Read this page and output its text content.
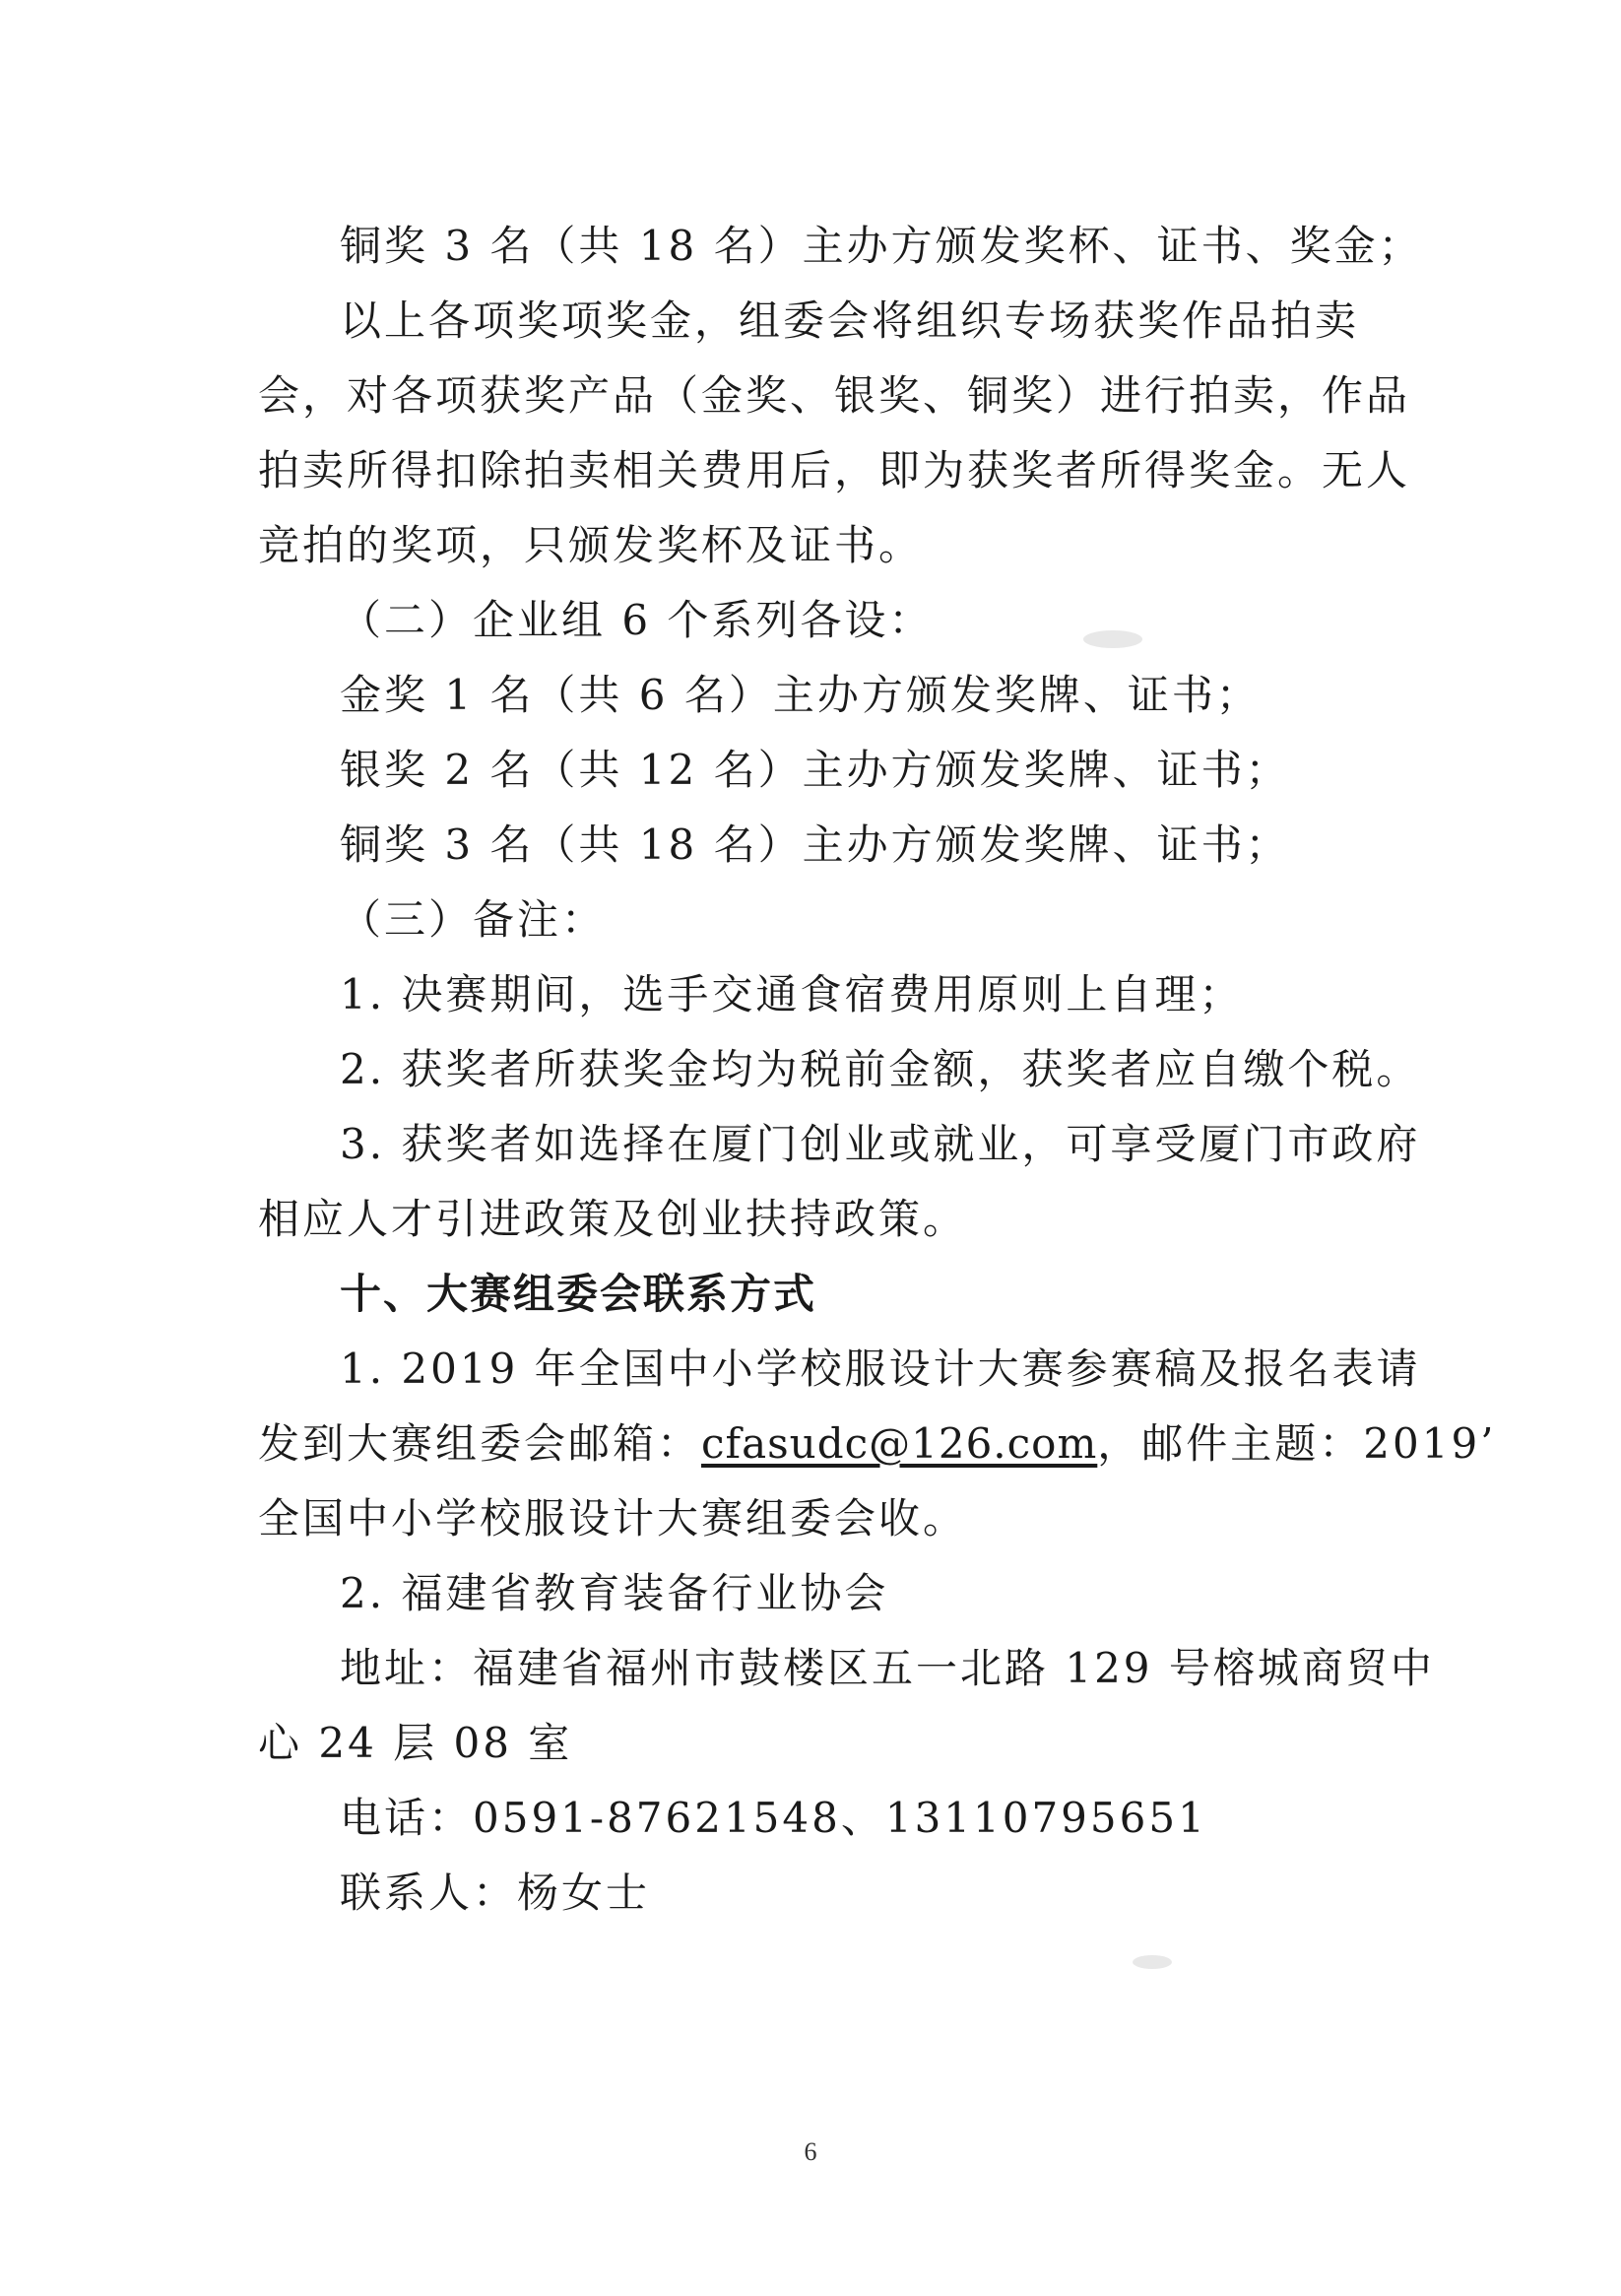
铜奖 3 名（共 18 名）主办方颁发奖杯、证书、奖金；
以上各项奖项奖金，组委会将组织专场获奖作品拍卖
会，对各项获奖产品（金奖、银奖、铜奖）进行拍卖，作品
拍卖所得扣除拍卖相关费用后，即为获奖者所得奖金。无人
竞拍的奖项，只颁发奖杯及证书。
（二）企业组 6 个系列各设：
金奖 1 名（共 6 名）主办方颁发奖牌、证书；
银奖 2 名（共 12 名）主办方颁发奖牌、证书；
铜奖 3 名（共 18 名）主办方颁发奖牌、证书；
（三）备注：
1. 决赛期间，选手交通食宿费用原则上自理；
2. 获奖者所获奖金均为税前金额，获奖者应自缴个税。
3. 获奖者如选择在厦门创业或就业，可享受厦门市政府
相应人才引进政策及创业扶持政策。
十、大赛组委会联系方式
1. 2019 年全国中小学校服设计大赛参赛稿及报名表请
发到大赛组委会邮箱：cfasudc@126.com，邮件主题：2019’
全国中小学校服设计大赛组委会收。
2. 福建省教育装备行业协会
地址：福建省福州市鼓楼区五一北路 129 号榕城商贸中
心 24 层 08 室
电话：0591-87621548、13110795651
联系人：杨女士
6
